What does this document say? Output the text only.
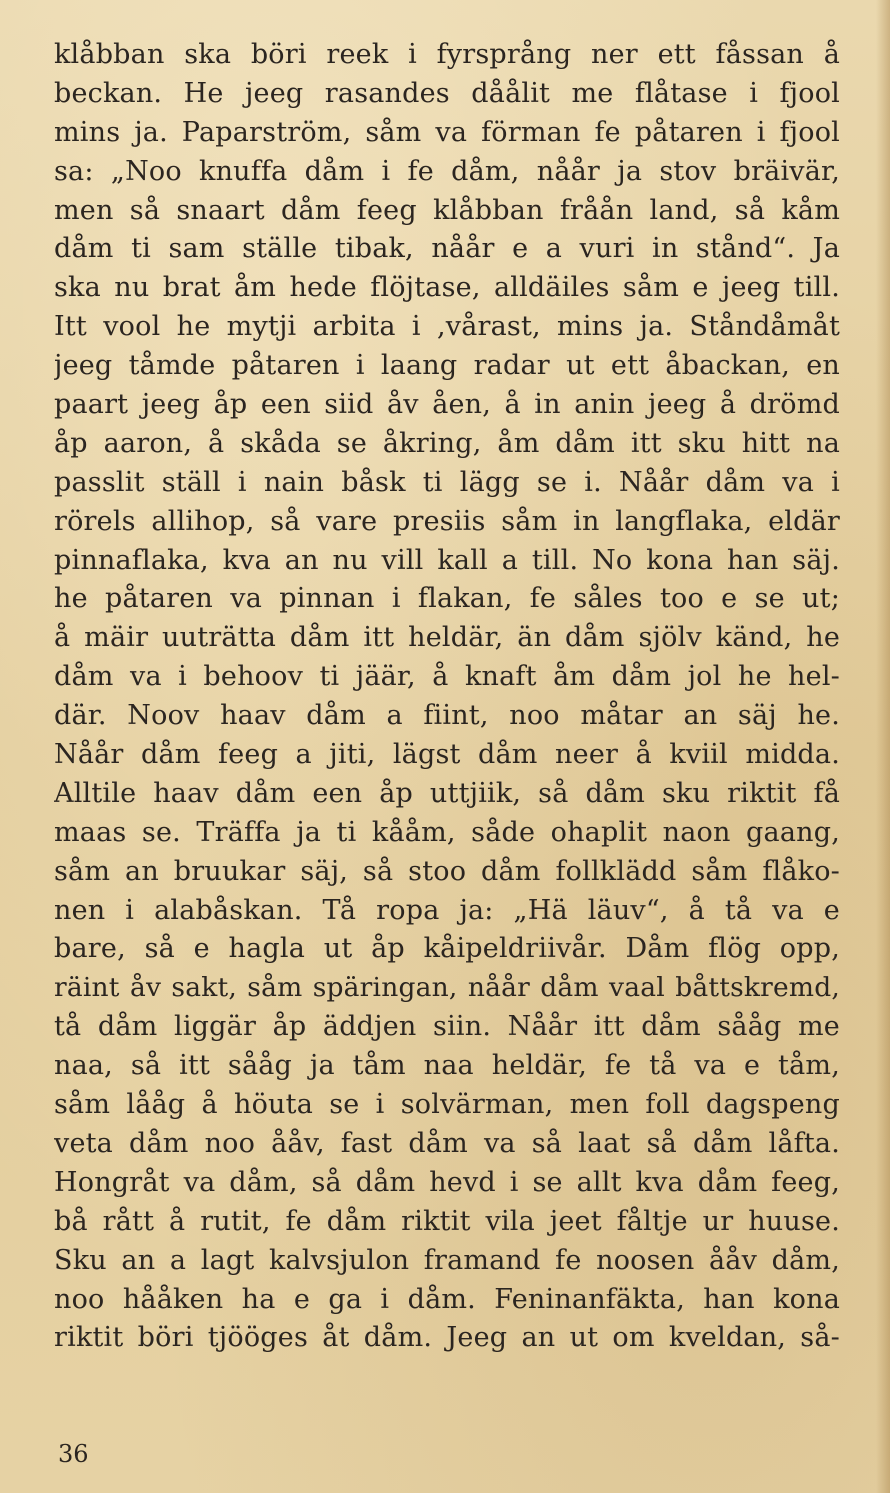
klåbban ska böri reek i fyrsprång ner ett fåssan å
beckan. He jeeg rasandes dåålit me flåtase i fjool
mins ja. Paparström, såm va förman fe påtaren i fjool
sa: „Noo knuffa dåm i fe dåm, nåår ja stov bräivär,
men så snaart dåm feeg klåbban fråån land, så kåm
dåm ti sam ställe tibak, nåår e a vuri in stånd“. Ja
ska nu brat åm hede flöjtase, alldäiles såm e jeeg till.
Itt vool he mytji arbita i ,vårast, mins ja. Ståndåmåt
jeeg tåmde påtaren i laang radar ut ett åbackan, en
paart jeeg åp een siid åv åen, å in anin jeeg å drömd
åp aaron, å skåda se åkring, åm dåm itt sku hitt na
passlit ställ i nain båsk ti lägg se i. Nåår dåm va i
rörels allihop, så vare presiis såm in langflaka, eldär
pinnaflaka, kva an nu vill kall a till. No kona han säj.
he påtaren va pinnan i flakan, fe såles too e se ut;
å mäir uuträtta dåm itt heldär, än dåm sjölv känd, he
dåm va i behoov ti jäär, å knaft åm dåm jol he hel-
där. Noov haav dåm a fiint, noo måtar an säj he.
Nåår dåm feeg a jiti, lägst dåm neer å kviil midda.
Alltile haav dåm een åp uttjiik, så dåm sku riktit få
maas se. Träffa ja ti kååm, såde ohaplit naon gaang,
såm an bruukar säj, så stoo dåm follklädd såm flåko-
nen i alabåskan. Tå ropa ja: „Hä läuv“, å tå va e
bare, så e hagla ut åp kåipeldriivår. Dåm flög opp,
räint åv sakt, såm späringan, nåår dåm vaal båttskremd,
tå dåm liggär åp äddjen siin. Nåår itt dåm sååg me
naa, så itt sååg ja tåm naa heldär, fe tå va e tåm,
såm lååg å höuta se i solvärman, men foll dagspeng
veta dåm noo ååv, fast dåm va så laat så dåm låfta.
Hongråt va dåm, så dåm hevd i se allt kva dåm feeg,
bå rått å rutit, fe dåm riktit vila jeet fåltje ur huuse.
Sku an a lagt kalvsjulon framand fe noosen ååv dåm,
noo hååken ha e ga i dåm. Feninanfäkta, han kona
riktit böri tjööges åt dåm. Jeeg an ut om kveldan, så-
36
